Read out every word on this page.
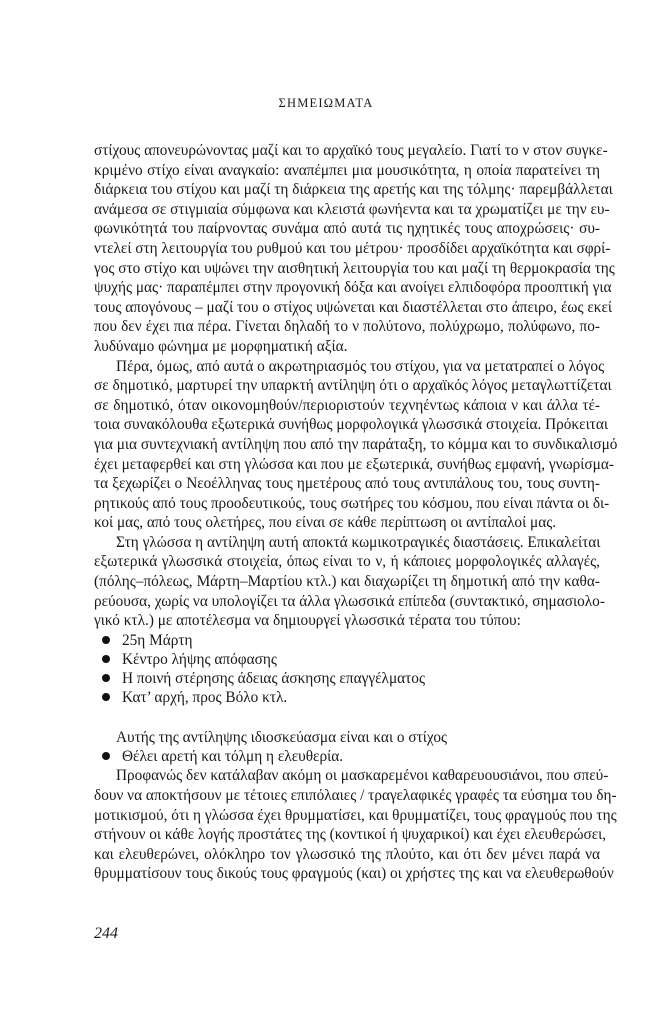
ΣΗΜΕΙΩΜΑΤΑ
στίχους απονευρώνοντας μαζί και το αρχαϊκό τους μεγαλείο. Γιατί το ν στον συγκε-
κριμένο στίχο είναι αναγκαίο: αναπέμπει μια μουσικότητα, η οποία παρατείνει τη
διάρκεια του στίχου και μαζί τη διάρκεια της αρετής και της τόλμης· παρεμβάλλεται
ανάμεσα σε στιγμιαία σύμφωνα και κλειστά φωνήεντα και τα χρωματίζει με την ευ-
φωνικότητά του παίρνοντας συνάμα από αυτά τις ηχητικές τους αποχρώσεις· συ-
ντελεί στη λειτουργία του ρυθμού και του μέτρου· προσδίδει αρχαϊκότητα και σφρί-
γος στο στίχο και υψώνει την αισθητική λειτουργία του και μαζί τη θερμοκρασία της
ψυχής μας· παραπέμπει στην προγονική δόξα και ανοίγει ελπιδοφόρα προοπτική για
τους απογόνους – μαζί του ο στίχος υψώνεται και διαστέλλεται στο άπειρο, έως εκεί
που δεν έχει πια πέρα. Γίνεται δηλαδή το ν πολύτονο, πολύχρωμο, πολύφωνο, πο-
λυδύναμο φώνημα με μορφηματική αξία.
Πέρα, όμως, από αυτά ο ακρωτηριασμός του στίχου, για να μετατραπεί ο λόγος
σε δημοτικό, μαρτυρεί την υπαρκτή αντίληψη ότι ο αρχαϊκός λόγος μεταγλωττίζεται
σε δημοτικό, όταν οικονομηθούν/περιοριστούν τεχνηέντως κάποια ν και άλλα τέ-
τοια συνακόλουθα εξωτερικά συνήθως μορφολογικά γλωσσικά στοιχεία. Πρόκειται
για μια συντεχνιακή αντίληψη που από την παράταξη, το κόμμα και το συνδικαλισμό
έχει μεταφερθεί και στη γλώσσα και που με εξωτερικά, συνήθως εμφανή, γνωρίσμα-
τα ξεχωρίζει ο Νεοέλληνας τους ημετέρους από τους αντιπάλους του, τους συντη-
ρητικούς από τους προοδευτικούς, τους σωτήρες του κόσμου, που είναι πάντα οι δι-
κοί μας, από τους ολετήρες, που είναι σε κάθε περίπτωση οι αντίπαλοί μας.
Στη γλώσσα η αντίληψη αυτή αποκτά κωμικοτραγικές διαστάσεις. Επικαλείται
εξωτερικά γλωσσικά στοιχεία, όπως είναι το ν, ή κάποιες μορφολογικές αλλαγές,
(πόλης–πόλεως, Μάρτη–Μαρτίου κτλ.) και διαχωρίζει τη δημοτική από την καθα-
ρεύουσα, χωρίς να υπολογίζει τα άλλα γλωσσικά επίπεδα (συντακτικό, σημασιολο-
γικό κτλ.) με αποτέλεσμα να δημιουργεί γλωσσικά τέρατα του τύπου:
25η Μάρτη
Κέντρο λήψης απόφασης
Η ποινή στέρησης άδειας άσκησης επαγγέλματος
Κατ’ αρχή, προς Βόλο κτλ.
Αυτής της αντίληψης ιδιοσκεύασμα είναι και ο στίχος
Θέλει αρετή και τόλμη η ελευθερία.
Προφανώς δεν κατάλαβαν ακόμη οι μασκαρεμένοι καθαρευουσιάνοι, που σπεύ-
δουν να αποκτήσουν με τέτοιες επιπόλαιες / τραγελαφικές γραφές τα εύσημα του δη-
μοτικισμού, ότι η γλώσσα έχει θρυμματίσει, και θρυμματίζει, τους φραγμούς που της
στήνουν οι κάθε λογής προστάτες της (κοντικοί ή ψυχαρικοί) και έχει ελευθερώσει,
και ελευθερώνει, ολόκληρο τον γλωσσικό της πλούτο, και ότι δεν μένει παρά να
θρυμματίσουν τους δικούς τους φραγμούς (και) οι χρήστες της και να ελευθερωθούν
244
